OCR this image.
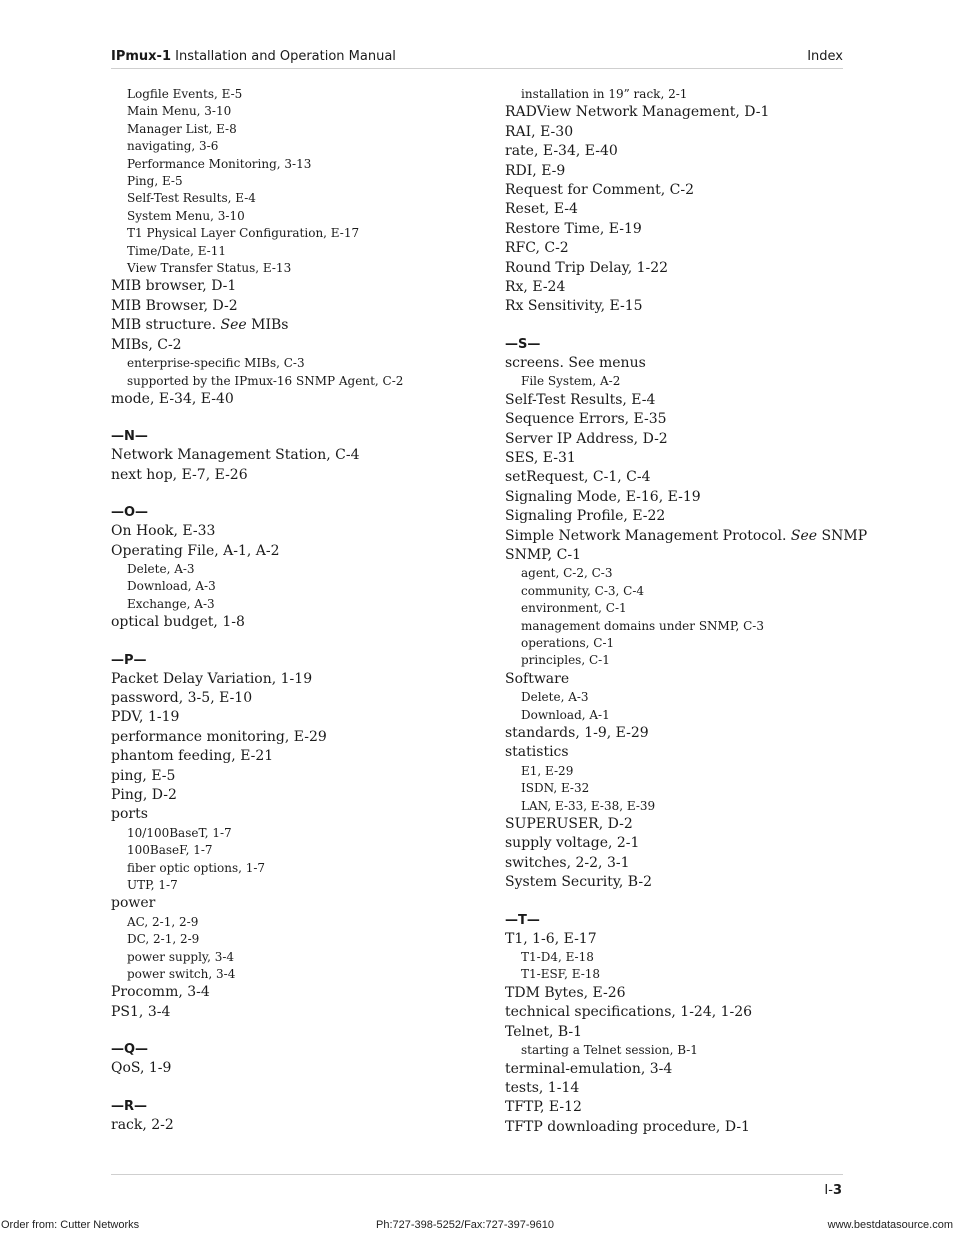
IPmux-1 Installation and Operation Manual	Index
Logfile Events, E-5
Main Menu, 3-10
Manager List, E-8
navigating, 3-6
Performance Monitoring, 3-13
Ping, E-5
Self-Test Results, E-4
System Menu, 3-10
T1 Physical Layer Configuration, E-17
Time/Date, E-11
View Transfer Status, E-13
MIB browser, D-1
MIB Browser, D-2
MIB structure. See MIBs
MIBs, C-2
enterprise-specific MIBs, C-3
supported by the IPmux-16 SNMP Agent, C-2
mode, E-34, E-40
—N—
Network Management Station, C-4
next hop, E-7, E-26
—O—
On Hook, E-33
Operating File, A-1, A-2
Delete, A-3
Download, A-3
Exchange, A-3
optical budget, 1-8
—P—
Packet Delay Variation, 1-19
password, 3-5, E-10
PDV, 1-19
performance monitoring, E-29
phantom feeding, E-21
ping, E-5
Ping, D-2
ports
10/100BaseT, 1-7
100BaseF, 1-7
fiber optic options, 1-7
UTP, 1-7
power
AC, 2-1, 2-9
DC, 2-1, 2-9
power supply, 3-4
power switch, 3-4
Procomm, 3-4
PS1, 3-4
—Q—
QoS, 1-9
—R—
rack, 2-2
installation in 19” rack, 2-1
RADView Network Management, D-1
RAI, E-30
rate, E-34, E-40
RDI, E-9
Request for Comment, C-2
Reset, E-4
Restore Time, E-19
RFC, C-2
Round Trip Delay, 1-22
Rx, E-24
Rx Sensitivity, E-15
—S—
screens. See menus
File System, A-2
Self-Test Results, E-4
Sequence Errors, E-35
Server IP Address, D-2
SES, E-31
setRequest, C-1, C-4
Signaling Mode, E-16, E-19
Signaling Profile, E-22
Simple Network Management Protocol. See SNMP
SNMP, C-1
agent, C-2, C-3
community, C-3, C-4
environment, C-1
management domains under SNMP, C-3
operations, C-1
principles, C-1
Software
Delete, A-3
Download, A-1
standards, 1-9, E-29
statistics
E1, E-29
ISDN, E-32
LAN, E-33, E-38, E-39
SUPERUSER, D-2
supply voltage, 2-1
switches, 2-2, 3-1
System Security, B-2
—T—
T1, 1-6, E-17
T1-D4, E-18
T1-ESF, E-18
TDM Bytes, E-26
technical specifications, 1-24, 1-26
Telnet, B-1
starting a Telnet session, B-1
terminal-emulation, 3-4
tests, 1-14
TFTP, E-12
TFTP downloading procedure, D-1
I-3
Order from: Cutter Networks	Ph:727-398-5252/Fax:727-397-9610	www.bestdatasource.com
